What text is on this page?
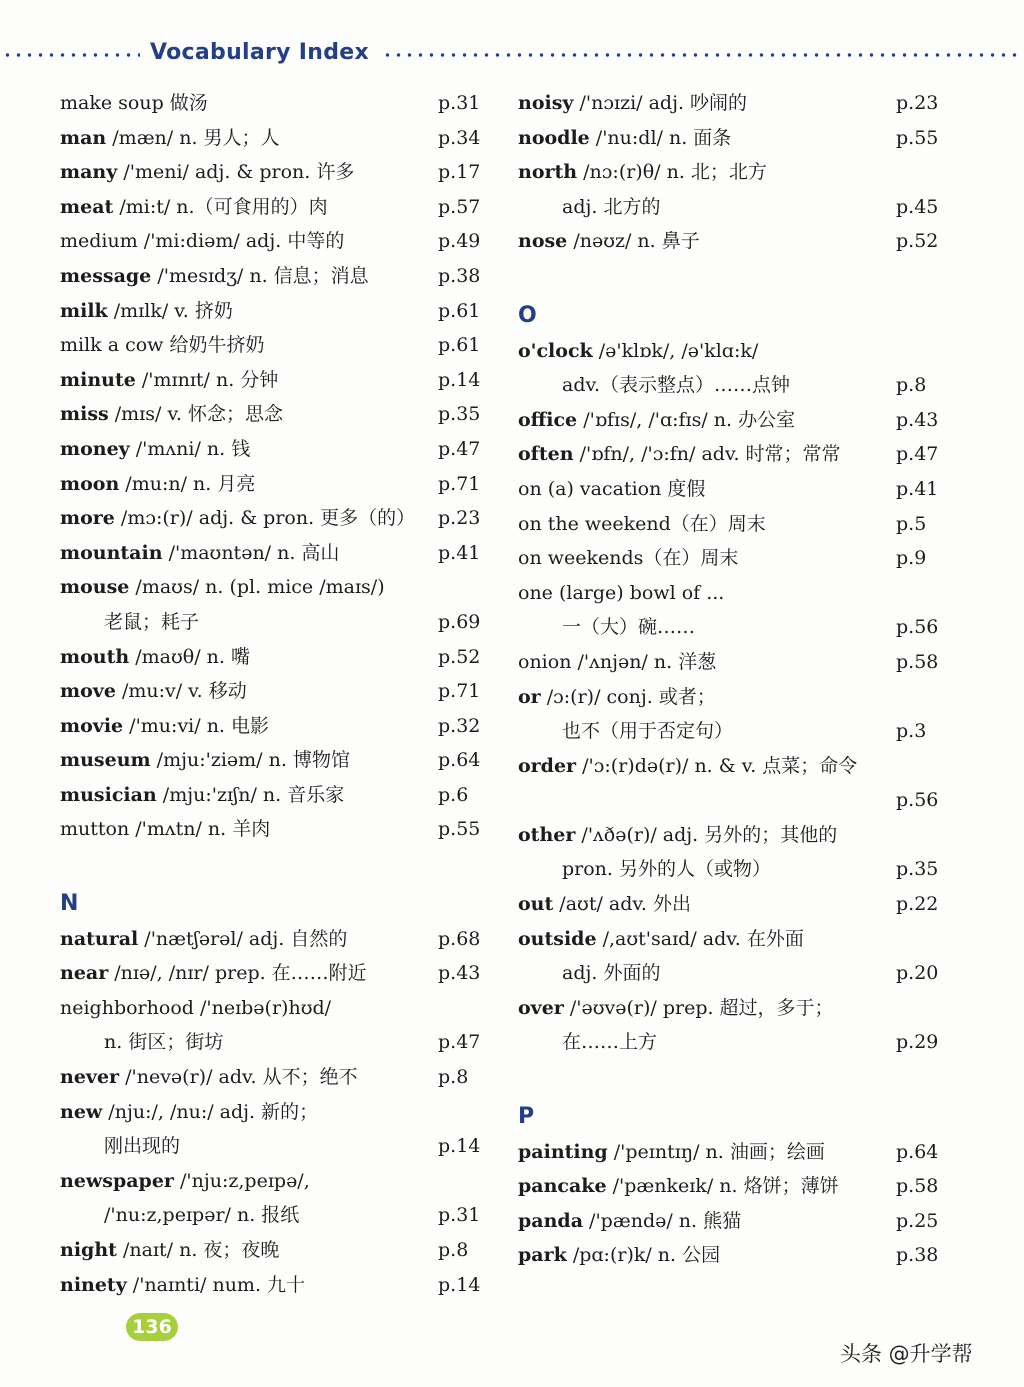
Vocabulary Index
make soup 做汤	p.31
man /mæn/ n. 男人；人	p.34
many /'meni/ adj. & pron. 许多	p.17
meat /mi:t/ n.（可食用的）肉	p.57
medium /'mi:diəm/ adj. 中等的	p.49
message /'mesɪdʒ/ n. 信息；消息	p.38
milk /mɪlk/ v. 挤奶	p.61
milk a cow 给奶牛挤奶	p.61
minute /'mɪnɪt/ n. 分钟	p.14
miss /mɪs/ v. 怀念；思念	p.35
money /'mʌni/ n. 钱	p.47
moon /mu:n/ n. 月亮	p.71
more /mɔ:(r)/ adj. & pron. 更多（的） p.23
mountain /'maʊntən/ n. 高山	p.41
mouse /maʊs/ n. (pl. mice /maɪs/)
老鼠；耗子	p.69
mouth /maʊθ/ n. 嘴	p.52
move /mu:v/ v. 移动	p.71
movie /'mu:vi/ n. 电影	p.32
museum /mju:'ziəm/ n. 博物馆	p.64
musician /mju:'zɪʃn/ n. 音乐家	p.6
mutton /'mʌtn/ n. 羊肉	p.55
N
natural /'nætʃərəl/ adj. 自然的	p.68
near /nɪə/, /nɪr/ prep. 在……附近	p.43
neighborhood /'neɪbə(r)hʊd/
n. 街区；街坊	p.47
never /'nevə(r)/ adv. 从不；绝不	p.8
new /nju:/, /nu:/ adj. 新的；
刚出现的	p.14
newspaper /'nju:z,peɪpə/,
/'nu:z,peɪpər/ n. 报纸	p.31
night /naɪt/ n. 夜；夜晚	p.8
ninety /'naɪnti/ num. 九十	p.14
noisy /'nɔɪzi/ adj. 吵闹的	p.23
noodle /'nu:dl/ n. 面条	p.55
north /nɔ:(r)θ/ n. 北；北方
adj. 北方的	p.45
nose /nəʊz/ n. 鼻子	p.52
O
o'clock /ə'klɒk/, /ə'klɑ:k/
adv.（表示整点）……点钟	p.8
office /'ɒfɪs/, /'ɑ:fɪs/ n. 办公室	p.43
often /'ɒfn/, /'ɔ:fn/ adv. 时常；常常	p.47
on (a) vacation 度假	p.41
on the weekend（在）周末	p.5
on weekends（在）周末	p.9
one (large) bowl of ...
一（大）碗……	p.56
onion /'ʌnjən/ n. 洋葱	p.58
or /ɔ:(r)/ conj. 或者；
也不（用于否定句）	p.3
order /'ɔ:(r)də(r)/ n. & v. 点菜；命令
p.56
other /'ʌðə(r)/ adj. 另外的；其他的
pron. 另外的人（或物）	p.35
out /aʊt/ adv. 外出	p.22
outside /,aʊt'saɪd/ adv. 在外面
adj. 外面的	p.20
over /'əʊvə(r)/ prep. 超过，多于；
在……上方	p.29
P
painting /'peɪntɪŋ/ n. 油画；绘画	p.64
pancake /'pænkeɪk/ n. 烙饼；薄饼	p.58
panda /'pændə/ n. 熊猫	p.25
park /pɑ:(r)k/ n. 公园	p.38
136
头条 @升学帮
